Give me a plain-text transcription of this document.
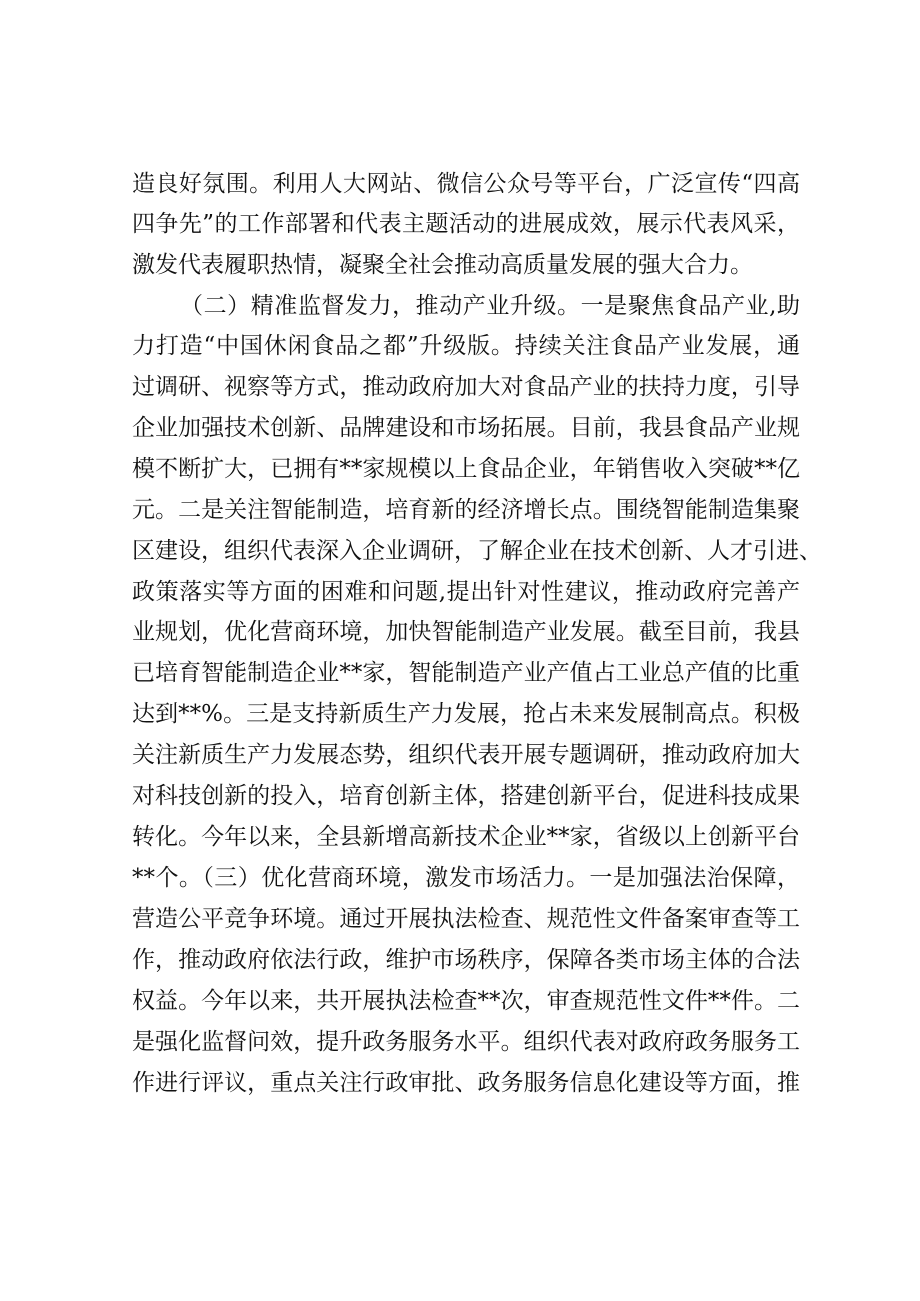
造良好氛围。利用人大网站、微信公众号等平台，广泛宣传“四高
四争先”的工作部署和代表主题活动的进展成效，展示代表风采，
激发代表履职热情，凝聚全社会推动高质量发展的强大合力。
（二）精准监督发力，推动产业升级。一是聚焦食品产业,助
力打造“中国休闲食品之都”升级版。持续关注食品产业发展，通
过调研、视察等方式，推动政府加大对食品产业的扶持力度，引导
企业加强技术创新、品牌建设和市场拓展。目前，我县食品产业规
模不断扩大，已拥有**家规模以上食品企业，年销售收入突破**亿
元。二是关注智能制造，培育新的经济增长点。围绕智能制造集聚
区建设，组织代表深入企业调研，了解企业在技术创新、人才引进、
政策落实等方面的困难和问题,提出针对性建议，推动政府完善产
业规划，优化营商环境，加快智能制造产业发展。截至目前，我县
已培育智能制造企业**家，智能制造产业产值占工业总产值的比重
达到**%。三是支持新质生产力发展，抢占未来发展制高点。积极
关注新质生产力发展态势，组织代表开展专题调研，推动政府加大
对科技创新的投入，培育创新主体，搭建创新平台，促进科技成果
转化。今年以来，全县新增高新技术企业**家，省级以上创新平台
**个。（三）优化营商环境，激发市场活力。一是加强法治保障，
营造公平竞争环境。通过开展执法检查、规范性文件备案审查等工
作，推动政府依法行政，维护市场秩序，保障各类市场主体的合法
权益。今年以来，共开展执法检查**次，审查规范性文件**件。二
是强化监督问效，提升政务服务水平。组织代表对政府政务服务工
作进行评议，重点关注行政审批、政务服务信息化建设等方面，推
